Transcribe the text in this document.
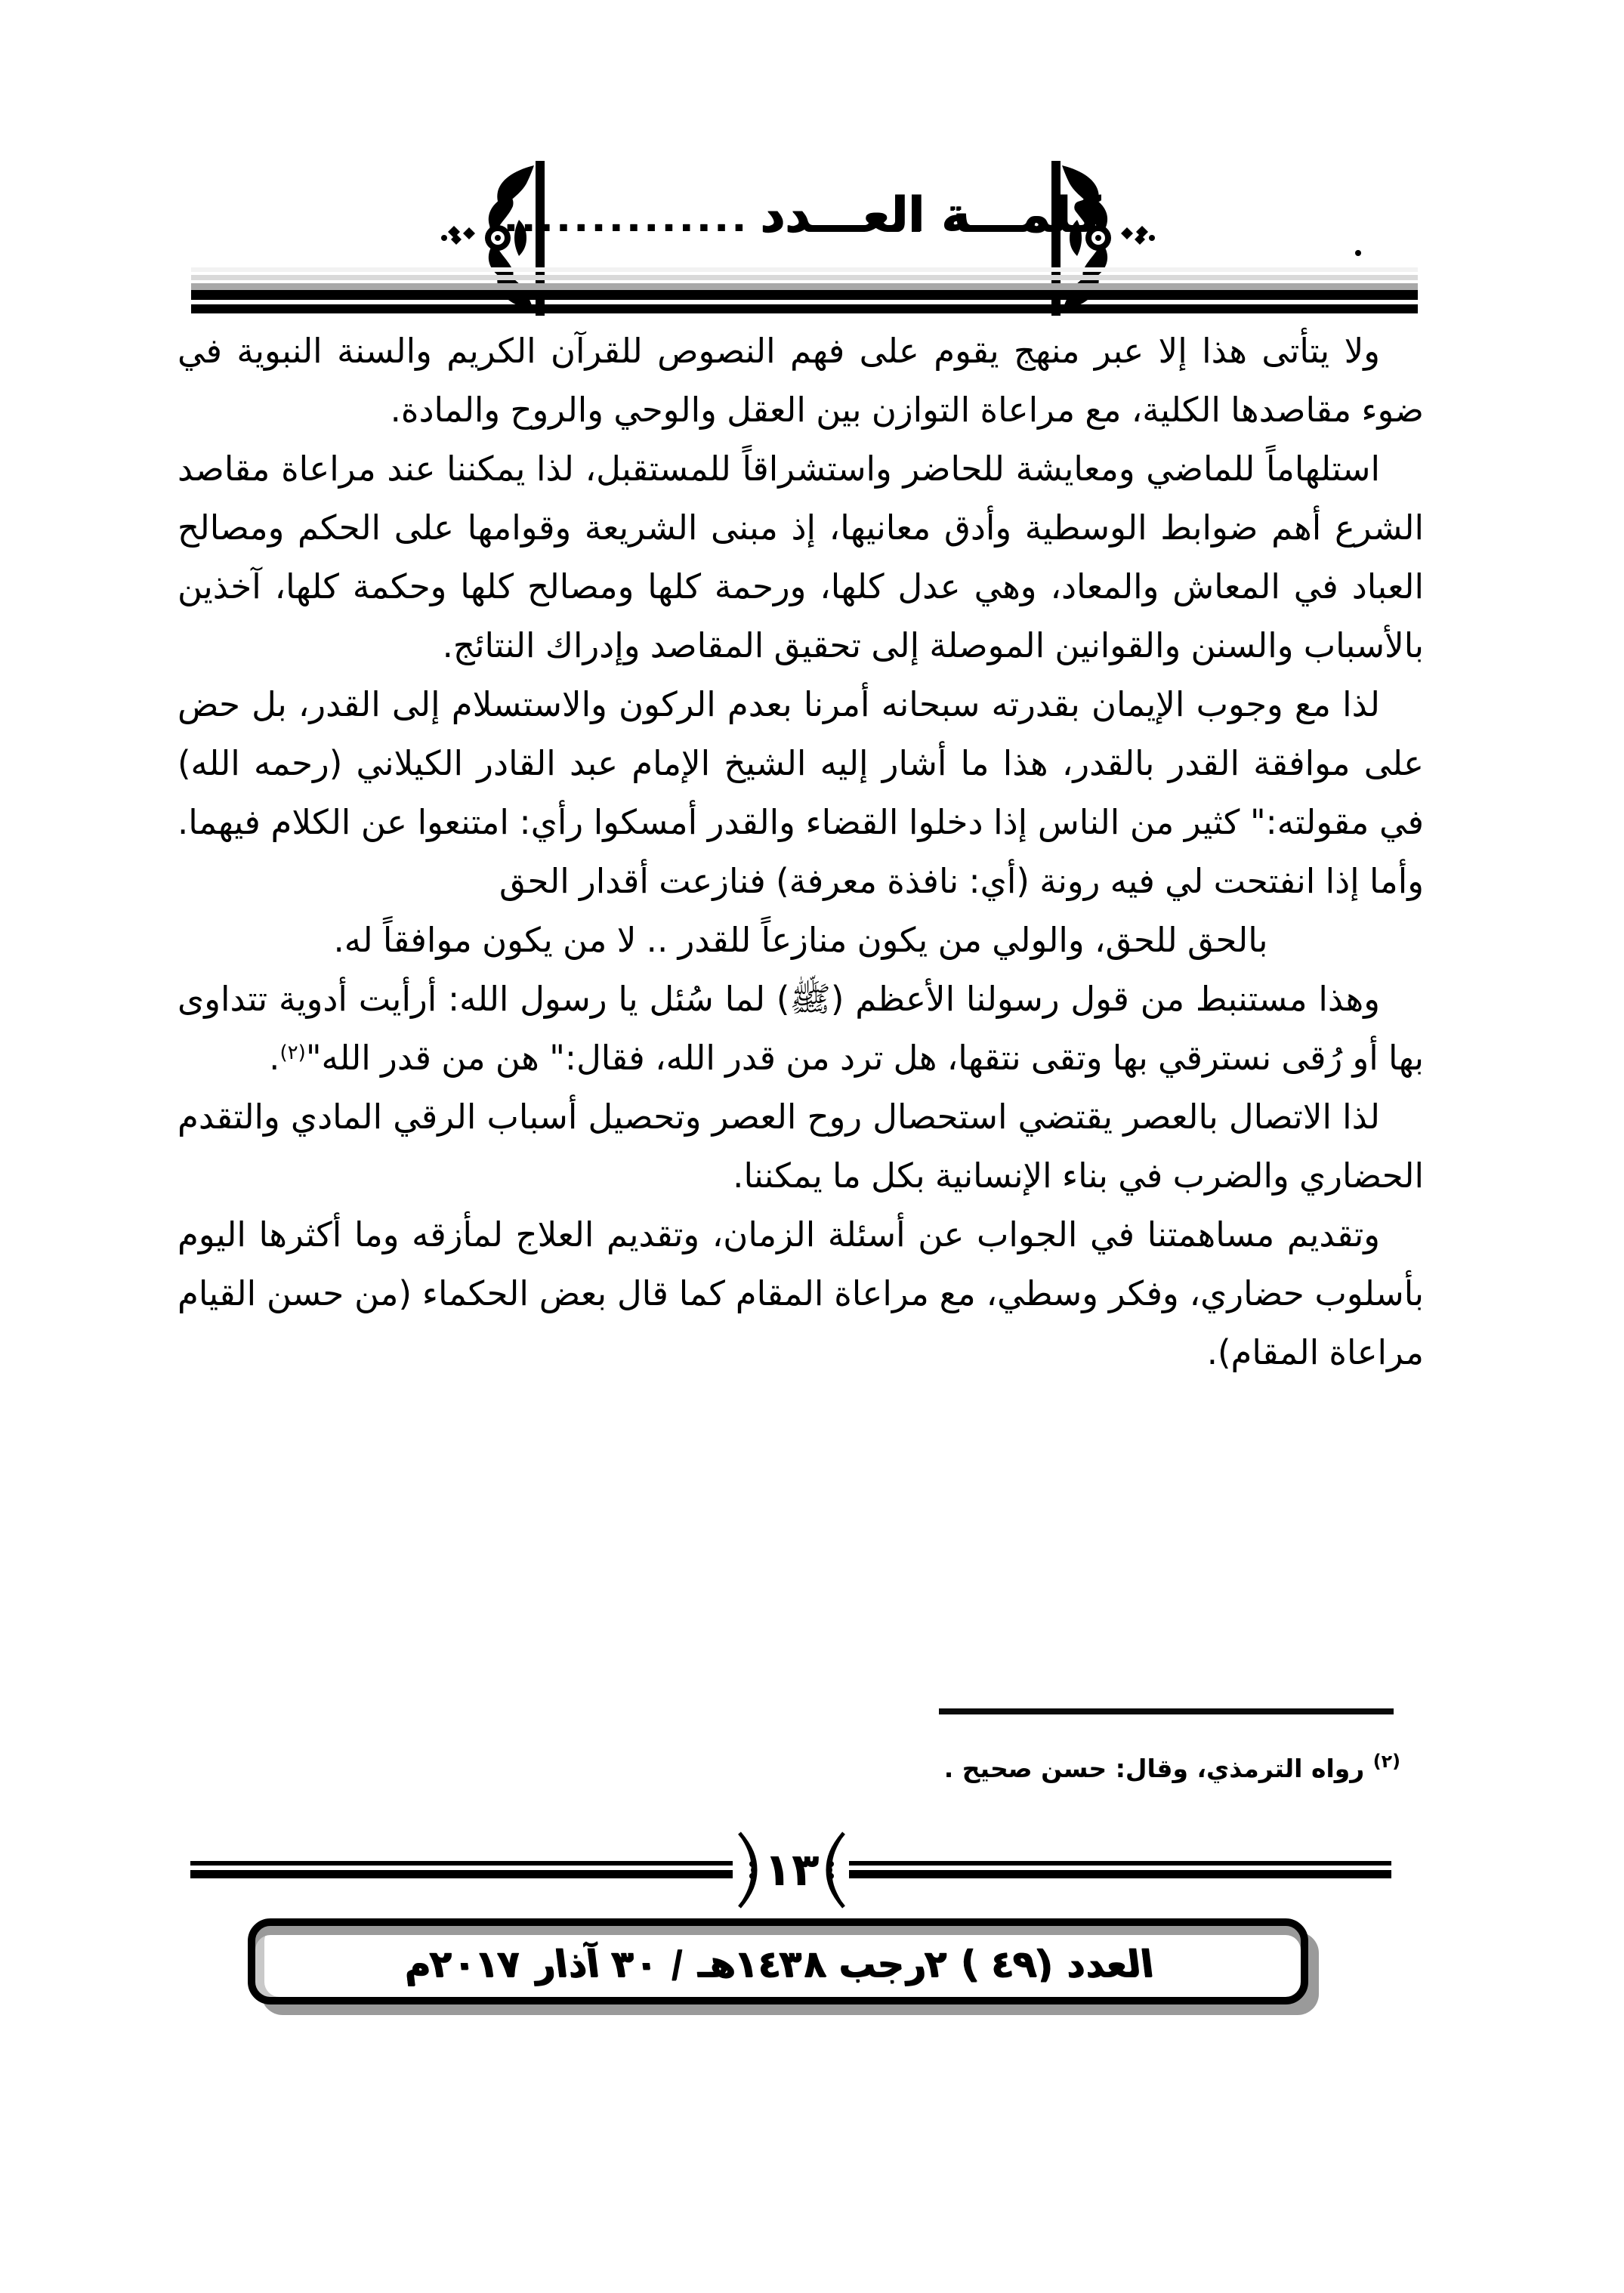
كلمـــة العـــدد
...............

ولا يتأتى هذا إلا عبر منهج يقوم على فهم النصوص للقرآن الكريم والسنة النبوية في ضوء مقاصدها الكلية، مع مراعاة التوازن بين العقل والوحي والروح والمادة.

استلهاماً للماضي ومعايشة للحاضر واستشراقاً للمستقبل، لذا يمكننا عند مراعاة مقاصد الشرع أهم ضوابط الوسطية وأدق معانيها، إذ مبنى الشريعة وقوامها على الحكم ومصالح العباد في المعاش والمعاد، وهي عدل كلها، ورحمة كلها ومصالح كلها وحكمة كلها، آخذين بالأسباب والسنن والقوانين الموصلة إلى تحقيق المقاصد وإدراك النتائج.

لذا مع وجوب الإيمان بقدرته سبحانه أمرنا بعدم الركون والاستسلام إلى القدر، بل حض على موافقة القدر بالقدر، هذا ما أشار إليه الشيخ الإمام عبد القادر الكيلاني (رحمه الله) في مقولته:" كثير من الناس إذا دخلوا القضاء والقدر أمسكوا رأي: امتنعوا عن الكلام فيهما. وأما إذا انفتحت لي فيه رونة (أي: نافذة معرفة) فنازعت أقدار الحق

بالحق للحق، والولي من يكون منازعاً للقدر .. لا من يكون موافقاً له.

وهذا مستنبط من قول رسولنا الأعظم (ﷺ) لما سُئل يا رسول الله: أرأيت أدوية تتداوى بها أو رُقى نسترقي بها وتقى نتقها، هل ترد من قدر الله، فقال:" هن من قدر الله"$^{(٢)}$.

لذا الاتصال بالعصر يقتضي استحصال روح العصر وتحصيل أسباب الرقي المادي والتقدم الحضاري والضرب في بناء الإنسانية بكل ما يمكننا.

وتقديم مساهمتنا في الجواب عن أسئلة الزمان، وتقديم العلاج لمأزقه وما أكثرها اليوم بأسلوب حضاري، وفكر وسطي، مع مراعاة المقام كما قال بعض الحكماء (من حسن القيام مراعاة المقام).

$^{(٢)}$ رواه الترمذي، وقال: حسن صحيح .
١٣
العدد (٤٩ ) ٢رجب ١٤٣٨هـ / ٣٠ آذار ٢٠١٧م
